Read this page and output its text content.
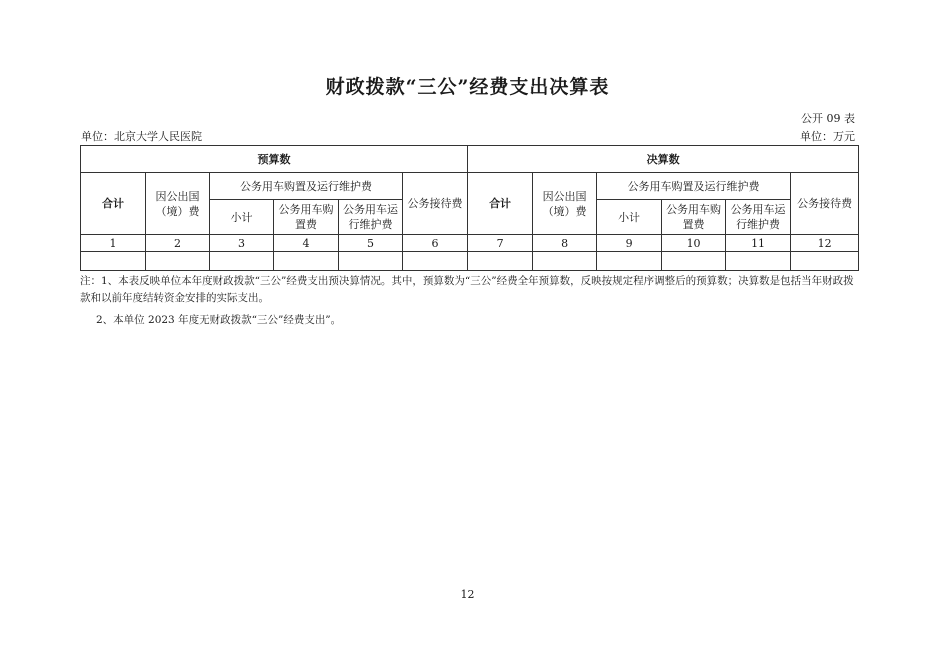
财政拨款“三公”经费支出决算表
公开 09 表
单位：北京大学人民医院	单位：万元
预算数						决算数					
合计	因公出国（境）费	公务用车购置及运行维护费			公务接待费	合计	因公出国（境）费	公务用车购置及运行维护费			公务接待费
		小计	公务用车购置费	公务用车运行维护费				小计	公务用车购置费	公务用车运行维护费	
1	2	3	4	5	6	7	8	9	10	11	12

注：1、本表反映单位本年度财政拨款“三公”经费支出预决算情况。其中，预算数为“三公”经费全年预算数，反映按规定程序调整后的预算数；决算数是包括当年财政拨款和以前年度结转资金安排的实际支出。
2、本单位 2023 年度无财政拨款“三公”经费支出”。
12
